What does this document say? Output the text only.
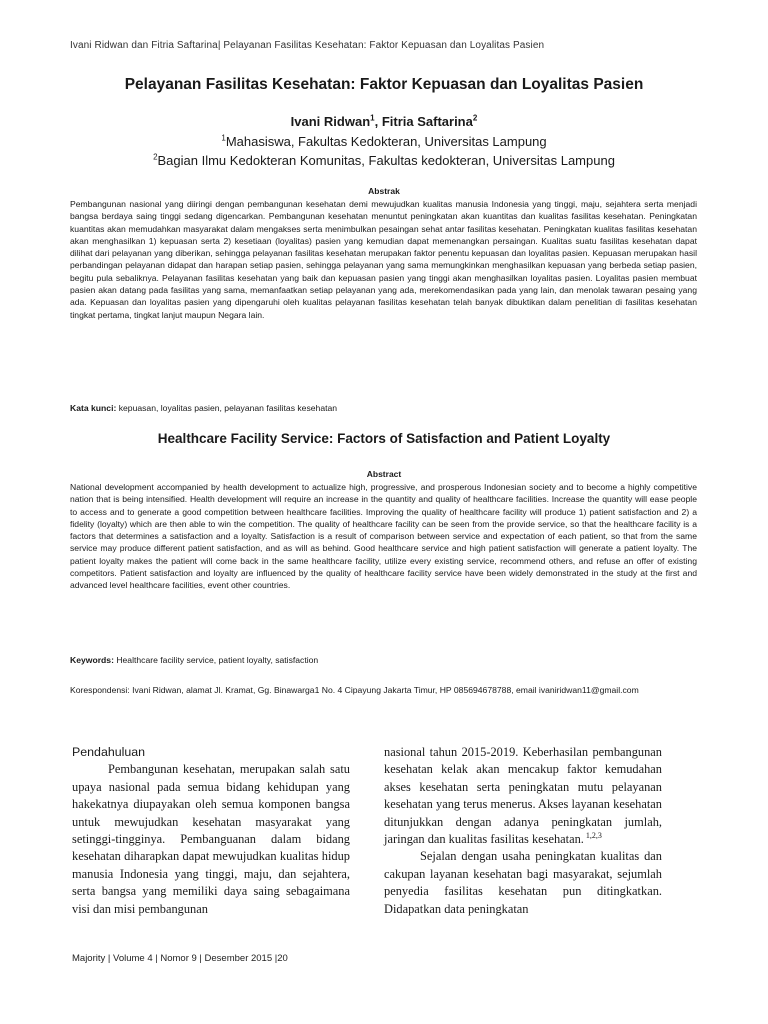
Ivani Ridwan dan Fitria Saftarina| Pelayanan Fasilitas Kesehatan: Faktor Kepuasan dan Loyalitas Pasien
Pelayanan Fasilitas Kesehatan: Faktor Kepuasan dan Loyalitas Pasien
Ivani Ridwan$^1$, Fitria Saftarina$^2$
$^1$Mahasiswa, Fakultas Kedokteran, Universitas Lampung
$^2$Bagian Ilmu Kedokteran Komunitas, Fakultas kedokteran, Universitas Lampung
Abstrak
Pembangunan nasional yang diiringi dengan pembangunan kesehatan demi mewujudkan kualitas manusia Indonesia yang tinggi, maju, sejahtera serta menjadi bangsa berdaya saing tinggi sedang digencarkan. Pembangunan kesehatan menuntut peningkatan akan kuantitas dan kualitas fasilitas kesehatan. Peningkatan kuantitas akan memudahkan masyarakat dalam mengakses serta menimbulkan pesaingan sehat antar fasilitas kesehatan. Peningkatan kualitas fasilitas kesehatan akan menghasilkan 1) kepuasan serta 2) kesetiaan (loyalitas) pasien yang kemudian dapat memenangkan persaingan. Kualitas suatu fasilitas kesehatan dapat dilihat dari pelayanan yang diberikan, sehingga pelayanan fasilitas kesehatan merupakan faktor penentu kepuasan dan loyalitas pasien. Kepuasan merupakan hasil perbandingan pelayanan didapat dan harapan setiap pasien, sehingga pelayanan yang sama memungkinkan menghasilkan kepuasan yang berbeda setiap pasien, begitu pula sebaliknya. Pelayanan fasilitas kesehatan yang baik dan kepuasan pasien yang tinggi akan menghasilkan loyalitas pasien. Loyalitas pasien membuat pasien akan datang pada fasilitas yang sama, memanfaatkan setiap pelayanan yang ada, merekomendasikan pada yang lain, dan menolak tawaran pesaing yang ada. Kepuasan dan loyalitas pasien yang dipengaruhi oleh kualitas pelayanan fasilitas kesehatan telah banyak dibuktikan dalam penelitian di fasilitas kesehatan tingkat pertama, tingkat lanjut maupun Negara lain.
Kata kunci: kepuasan, loyalitas pasien, pelayanan fasilitas kesehatan
Healthcare Facility Service: Factors of Satisfaction and Patient Loyalty
Abstract
National development accompanied by health development to actualize high, progressive, and prosperous Indonesian society and to become a highly competitive nation that is being intensified. Health development will require an increase in the quantity and quality of healthcare facilities. Increase the quantity will ease people to access and to generate a good competition between healthcare facilities. Improving the quality of healthcare facility will produce 1) patient satisfaction and 2) a fidelity (loyalty) which are then able to win the competition. The quality of healthcare facility can be seen from the provide service, so that the healthcare facility is a factors that determines a satisfaction and a loyalty. Satisfaction is a result of comparison between service and expectation of each patient, so that from the same service may produce different patient satisfaction, and as will as behind. Good healthcare service and high patient satisfaction will generate a patient loyalty. The patient loyalty makes the patient will come back in the same healthcare facility, utilize every existing service, recommend others, and refuse an offer of existing competitors. Patient satisfaction and loyalty are influenced by the quality of healthcare facility service have been widely demonstrated in the study at the first and advanced level healthcare facilities, event other countries.
Keywords: Healthcare facility service, patient loyalty, satisfaction
Korespondensi: Ivani Ridwan, alamat Jl. Kramat, Gg. Binawarga1 No. 4 Cipayung Jakarta Timur, HP 085694678788, email ivaniridwan11@gmail.com
Pendahuluan

Pembangunan kesehatan, merupakan salah satu upaya nasional pada semua bidang kehidupan yang hakekatnya diupayakan oleh semua komponen bangsa untuk mewujudkan kesehatan masyarakat yang setinggi-tingginya. Pembanguanan dalam bidang kesehatan diharapkan dapat mewujudkan kualitas hidup manusia Indonesia yang tinggi, maju, dan sejahtera, serta bangsa yang memiliki daya saing sebagaimana visi dan misi pembangunan

nasional tahun 2015-2019. Keberhasilan pembangunan kesehatan kelak akan mencakup faktor kemudahan akses kesehatan serta peningkatan mutu pelayanan kesehatan yang terus menerus. Akses layanan kesehatan ditunjukkan dengan adanya peningkatan jumlah, jaringan dan kualitas fasilitas kesehatan. $^{1,2,3}$

Sejalan dengan usaha peningkatan kualitas dan cakupan layanan kesehatan bagi masyarakat, sejumlah penyedia fasilitas kesehatan pun ditingkatkan. Didapatkan data peningkatan

Majority | Volume 4 | Nomor 9 | Desember 2015 |20
